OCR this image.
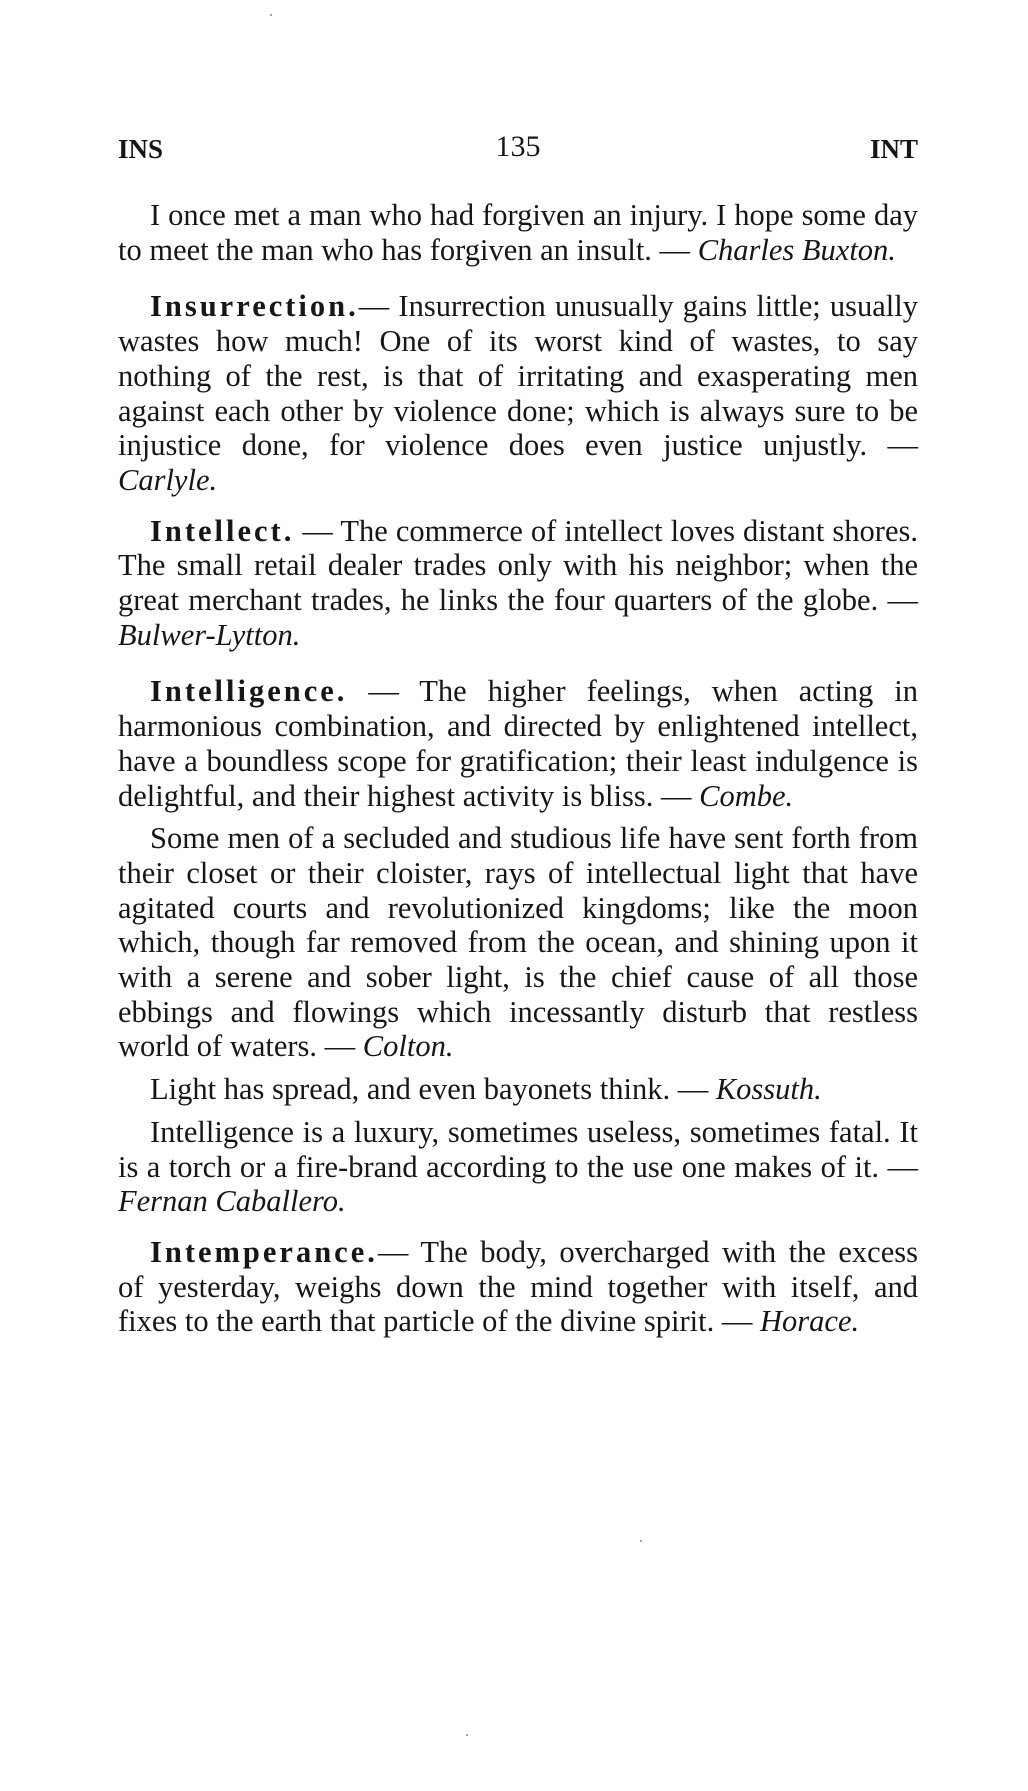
INS	135	INT

I once met a man who had forgiven an injury. I hope some day to meet the man who has forgiven an insult. — Charles Buxton.

Insurrection.— Insurrection unusually gains little; usually wastes how much! One of its worst kind of wastes, to say nothing of the rest, is that of irritating and exasperating men against each other by violence done; which is always sure to be injustice done, for violence does even justice unjustly. — Carlyle.

Intellect. — The commerce of intellect loves distant shores. The small retail dealer trades only with his neighbor; when the great merchant trades, he links the four quarters of the globe. — Bulwer-Lytton.

Intelligence. — The higher feelings, when acting in harmonious combination, and directed by enlightened intellect, have a boundless scope for gratification; their least indulgence is delightful, and their highest activity is bliss. — Combe.

Some men of a secluded and studious life have sent forth from their closet or their cloister, rays of intellectual light that have agitated courts and revolutionized kingdoms; like the moon which, though far removed from the ocean, and shining upon it with a serene and sober light, is the chief cause of all those ebbings and flowings which incessantly disturb that restless world of waters. — Colton.

Light has spread, and even bayonets think. — Kossuth.

Intelligence is a luxury, sometimes useless, sometimes fatal. It is a torch or a fire-brand according to the use one makes of it. — Fernan Caballero.

Intemperance.— The body, overcharged with the excess of yesterday, weighs down the mind together with itself, and fixes to the earth that particle of the divine spirit. — Horace.
